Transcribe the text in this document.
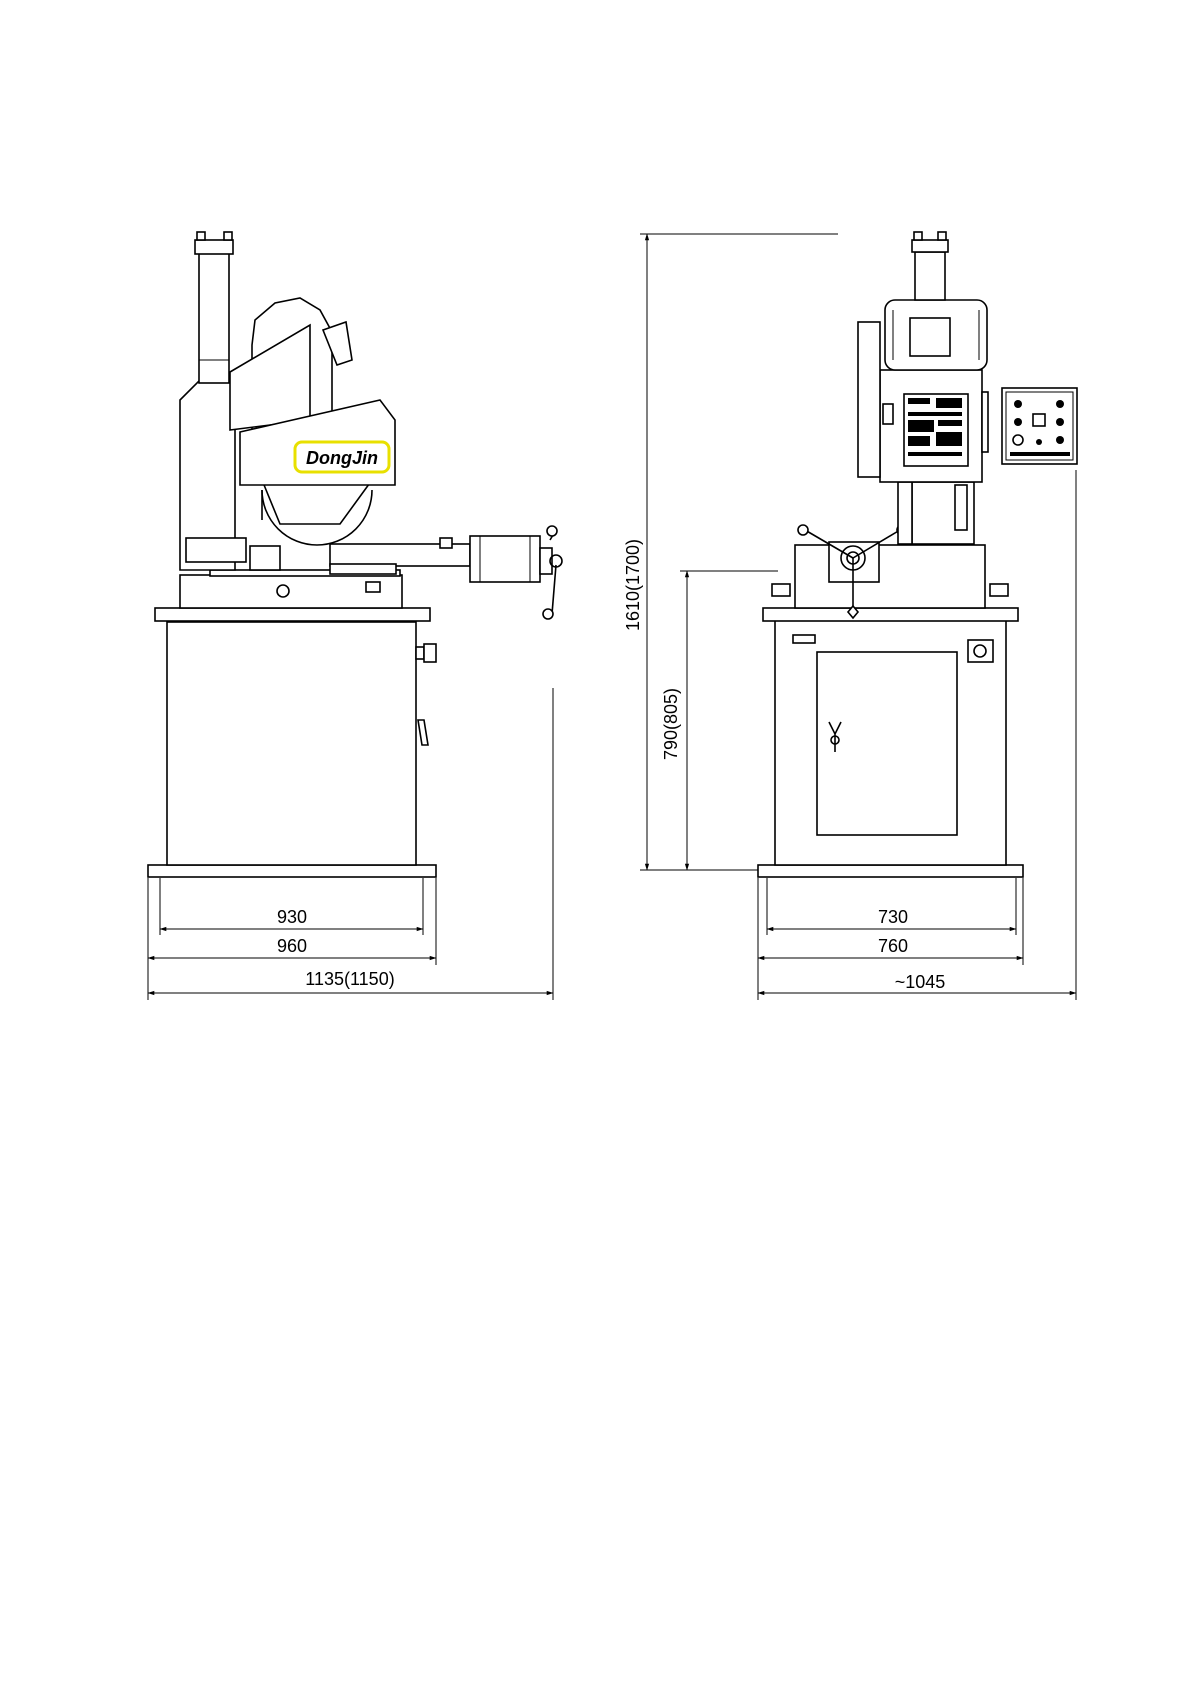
DongJin
930
960
1135(1150)
730
760
~1045
1610(1700)
790(805)
